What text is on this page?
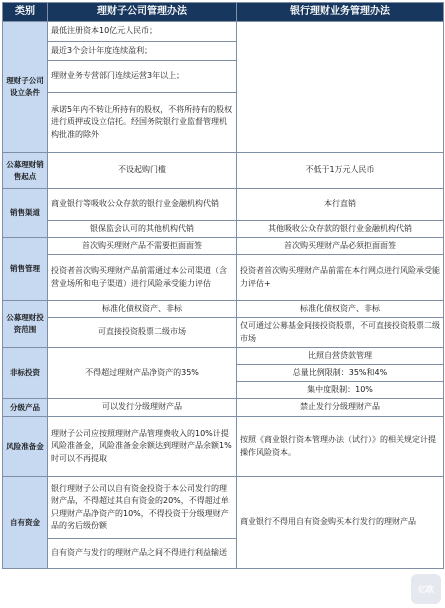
类别	理财子公司管理办法	银行理财业务管理办法
理财子公司设立条件	最低注册资本10亿元人民币；	
	最近3个会计年度连续盈利；	
	理财业务专营部门连续运营3年以上；	
	承诺5年内不转让所持有的股权，不将所持有的股权进行质押或设立信托。经国务院银行业监督管理机构批准的除外	
公募理财销售起点	不设起购门槛	不低于1万元人民币
销售渠道	商业银行等吸收公众存款的银行业金融机构代销	本行直销
	银保监会认可的其他机构代销	其他吸收公众存款的银行业金融机构代销
销售管理	首次购买理财产品不需要拒面面签	首次购买理财产品必须拒面面签
	投资者首次购买理财产品前需通过本公司渠道（含营业场所和电子渠道）进行风险承受能力评估	投资者首次购买理财产品前需在本行网点进行风险承受能力评估+
公募理财投资范围	标准化债权资产、非标	标准化债权资产、非标
	可直接投资股票二级市场	仅可通过公募基金间接投资股票，不可直接投资股票二级市场
非标投资	不得超过理财产品净资产的35%	比照自营贷款管理
		总量比例限制：35%和4%
		集中度限制：10%
分级产品	可以发行分级理财产品	禁止发行分级理财产品
风险准备金	理财子公司应按照理财产品管理费收入的10%计提风险准备金，风险准备金余额达到理财产品余额1%时可以不再提取	按照《商业银行资本管理办法（试行）》的相关规定计提操作风险资本。
自有资金	银行理财子公司以自有资金投资于本公司发行的理财产品，不得超过其自有资金的20%，不得超过单只理财产品净资产的10%，不得投资于分级理财产品的劣后级份额	商业银行不得用自有资金购买本行发行的理财产品
	自有资产与发行的理财产品之间不得进行利益输送	
亿欧
